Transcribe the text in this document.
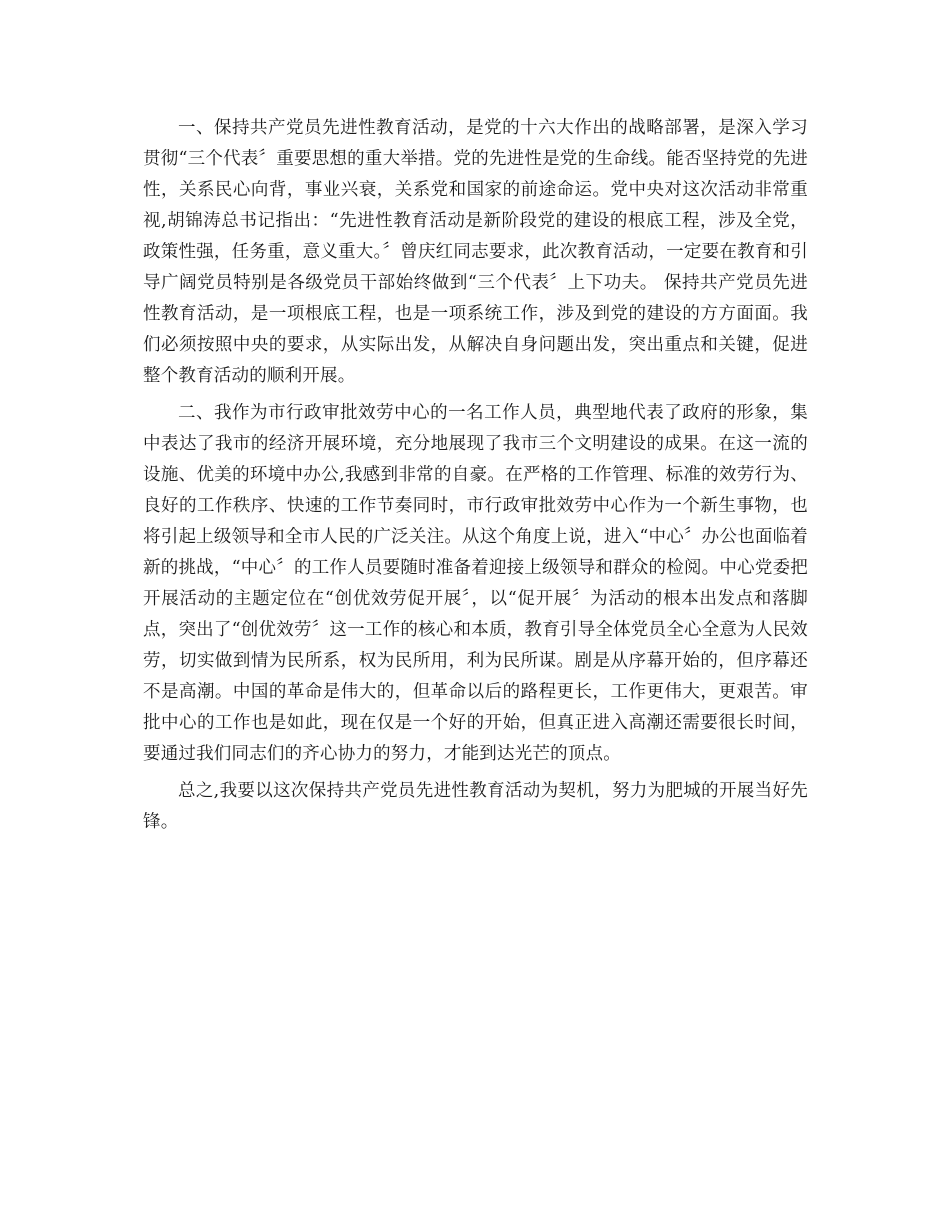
一、保持共产党员先进性教育活动，是党的十六大作出的战略部署，是深入学习贯彻“三个代表〞重要思想的重大举措。党的先进性是党的生命线。能否坚持党的先进性，关系民心向背，事业兴衰，关系党和国家的前途命运。党中央对这次活动非常重视,胡锦涛总书记指出：“先进性教育活动是新阶段党的建设的根底工程，涉及全党，政策性强，任务重，意义重大。〞曾庆红同志要求，此次教育活动，一定要在教育和引导广阔党员特别是各级党员干部始终做到“三个代表〞上下功夫。 保持共产党员先进性教育活动，是一项根底工程，也是一项系统工作，涉及到党的建设的方方面面。我们必须按照中央的要求，从实际出发，从解决自身问题出发，突出重点和关键，促进整个教育活动的顺利开展。

二、我作为市行政审批效劳中心的一名工作人员，典型地代表了政府的形象，集中表达了我市的经济开展环境，充分地展现了我市三个文明建设的成果。在这一流的设施、优美的环境中办公,我感到非常的自豪。在严格的工作管理、标准的效劳行为、良好的工作秩序、快速的工作节奏同时，市行政审批效劳中心作为一个新生事物，也将引起上级领导和全市人民的广泛关注。从这个角度上说，进入“中心〞办公也面临着新的挑战，“中心〞的工作人员要随时准备着迎接上级领导和群众的检阅。中心党委把开展活动的主题定位在“创优效劳促开展〞，以“促开展〞为活动的根本出发点和落脚点，突出了“创优效劳〞这一工作的核心和本质，教育引导全体党员全心全意为人民效劳，切实做到情为民所系，权为民所用，利为民所谋。剧是从序幕开始的，但序幕还不是高潮。中国的革命是伟大的，但革命以后的路程更长，工作更伟大，更艰苦。审批中心的工作也是如此，现在仅是一个好的开始，但真正进入高潮还需要很长时间，要通过我们同志们的齐心协力的努力，才能到达光芒的顶点。

总之,我要以这次保持共产党员先进性教育活动为契机，努力为肥城的开展当好先锋。
